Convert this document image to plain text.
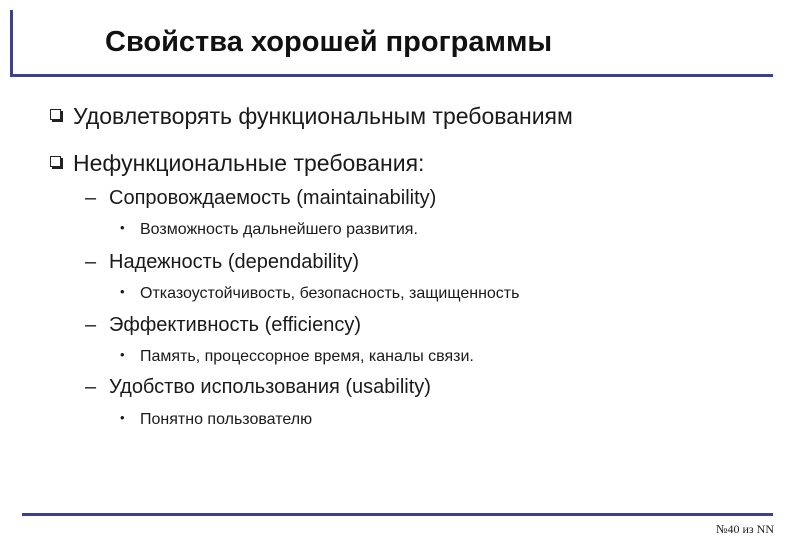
Свойства хорошей программы
Удовлетворять функциональным требованиям
Нефункциональные требования:
– Сопровождаемость (maintainability)
• Возможность дальнейшего развития.
– Надежность (dependability)
• Отказоустойчивость, безопасность, защищенность
– Эффективность (efficiency)
• Память, процессорное время, каналы связи.
– Удобство использования (usability)
• Понятно пользователю
№40 из NN
